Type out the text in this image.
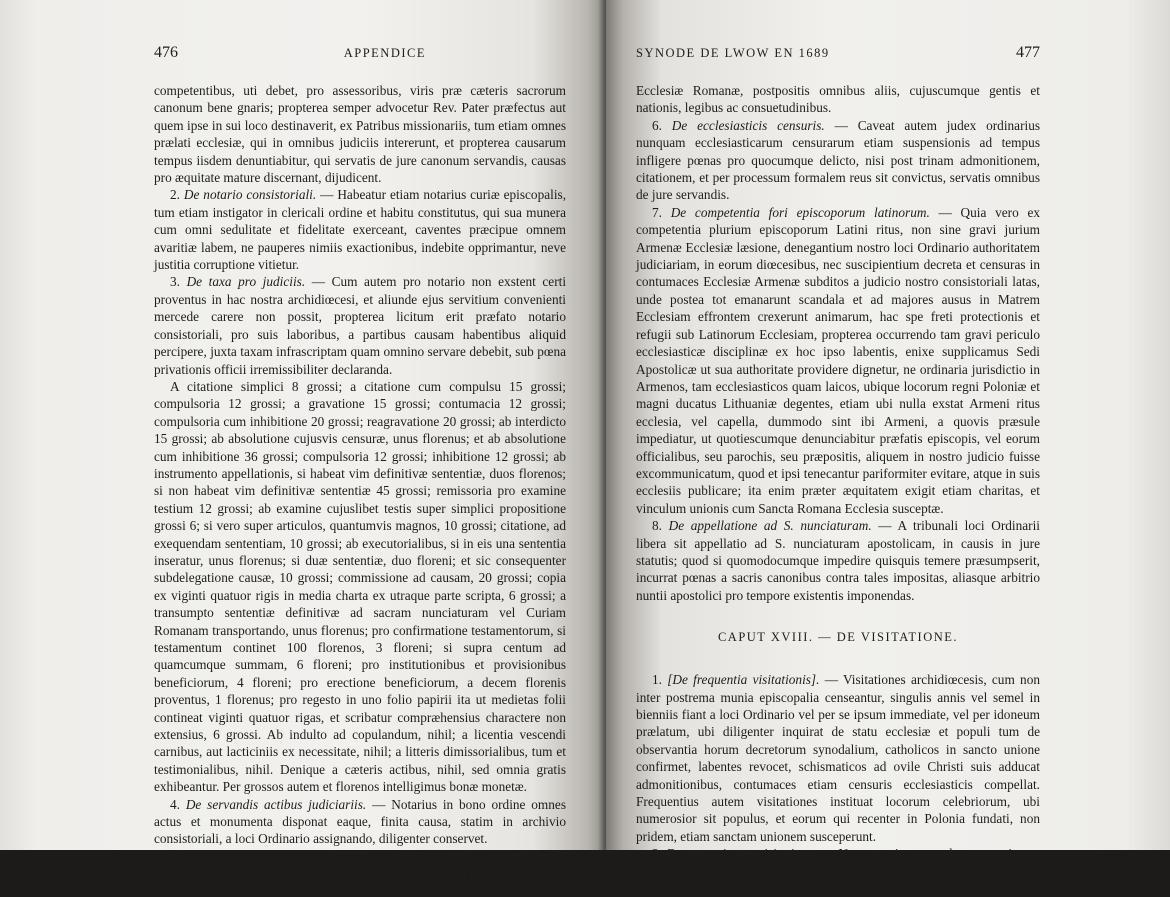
476	APPENDICE

competentibus, uti debet, pro assessoribus, viris præ cæteris sacrorum canonum bene gnaris; propterea semper advocetur Rev. Pater præfectus aut quem ipse in sui loco destinaverit, ex Patribus missionariis, tum etiam omnes prælati ecclesiæ, qui in omnibus judiciis intererunt, et propterea causarum tempus iisdem denuntiabitur, qui servatis de jure canonum servandis, causas pro æquitate mature discernant, dijudicent.

2. De notario consistoriali. — Habeatur etiam notarius curiæ episcopalis, tum etiam instigator in clericali ordine et habitu constitutus, qui sua munera cum omni sedulitate et fidelitate exerceant, caventes præcipue omnem avaritiæ labem, ne pauperes nimiis exactionibus, indebite opprimantur, neve justitia corruptione vitietur.

3. De taxa pro judiciis. — Cum autem pro notario non exstent certi proventus in hac nostra archidiœcesi, et aliunde ejus servitium convenienti mercede carere non possit, propterea licitum erit præfato notario consistoriali, pro suis laboribus, a partibus causam habentibus aliquid percipere, juxta taxam infrascriptam quam omnino servare debebit, sub pœna privationis officii irremissibiliter declaranda.

A citatione simplici 8 grossi; a citatione cum compulsu 15 grossi; compulsoria 12 grossi; a gravatione 15 grossi; contumacia 12 grossi; compulsoria cum inhibitione 20 grossi; reagravatione 20 grossi; ab interdicto 15 grossi; ab absolutione cujusvis censuræ, unus florenus; et ab absolutione cum inhibitione 36 grossi; compulsoria 12 grossi; inhibitione 12 grossi; ab instrumento appellationis, si habeat vim definitivæ sententiæ, duos florenos; si non habeat vim definitivæ sententiæ 45 grossi; remissoria pro examine testium 12 grossi; ab examine cujuslibet testis super simplici propositione grossi 6; si vero super articulos, quantumvis magnos, 10 grossi; citatione, ad exequendam sententiam, 10 grossi; ab executorialibus, si in eis una sententia inseratur, unus florenus; si duæ sententiæ, duo floreni; et sic consequenter subdelegatione causæ, 10 grossi; commissione ad causam, 20 grossi; copia ex viginti quatuor rigis in media charta ex utraque parte scripta, 6 grossi; a transumpto sententiæ definitivæ ad sacram nunciaturam vel Curiam Romanam transportando, unus florenus; pro confirmatione testamentorum, si testamentum continet 100 florenos, 3 floreni; si supra centum ad quamcumque summam, 6 floreni; pro institutionibus et provisionibus beneficiorum, 4 floreni; pro erectione beneficiorum, a decem florenis proventus, 1 florenus; pro regesto in uno folio papirii ita ut medietas folii contineat viginti quatuor rigas, et scribatur compræhensius charactere non extensius, 6 grossi. Ab indulto ad copulandum, nihil; a licentia vescendi carnibus, aut lacticiniis ex necessitate, nihil; a litteris dimissorialibus, tum et testimonialibus, nihil. Denique a cæteris actibus, nihil, sed omnia gratis exhibeantur. Per grossos autem et florenos intelligimus bonæ monetæ.

4. De servandis actibus judiciariis. — Notarius in bono ordine omnes actus et monumenta disponat eaque, finita causa, statim in archivio consistoriali, a loci Ordinario assignando, diligenter conservet.

5. De servando jure communi. — In sententiis ferendis loci Ordinarius, tum et assessores in suis notis se conforment juri communi et statutis

SYNODE DE LWOW EN 1689	477

Ecclesiæ Romanæ, postpositis omnibus aliis, cujuscumque gentis et nationis, legibus ac consuetudinibus.

6. De ecclesiasticis censuris. — Caveat autem judex ordinarius nunquam ecclesiasticarum censurarum etiam suspensionis ad tempus infligere pœnas pro quocumque delicto, nisi post trinam admonitionem, citationem, et per processum formalem reus sit convictus, servatis omnibus de jure servandis.

7. De competentia fori episcoporum latinorum. — Quia vero ex competentia plurium episcoporum Latini ritus, non sine gravi jurium Armenæ Ecclesiæ læsione, denegantium nostro loci Ordinario authoritatem judiciariam, in eorum diœcesibus, nec suscipientium decreta et censuras in contumaces Ecclesiæ Armenæ subditos a judicio nostro consistoriali latas, unde postea tot emanarunt scandala et ad majores ausus in Matrem Ecclesiam effrontem crexerunt animarum, hac spe freti protectionis et refugii sub Latinorum Ecclesiam, propterea occurrendo tam gravi periculo ecclesiasticæ disciplinæ ex hoc ipso labentis, enixe supplicamus Sedi Apostolicæ ut sua authoritate providere dignetur, ne ordinaria jurisdictio in Armenos, tam ecclesiasticos quam laicos, ubique locorum regni Poloniæ et magni ducatus Lithuaniæ degentes, etiam ubi nulla exstat Armeni ritus ecclesia, vel capella, dummodo sint ibi Armeni, a quovis præsule impediatur, ut quotiescumque denunciabitur præfatis episcopis, vel eorum officialibus, seu parochis, seu præpositis, aliquem in nostro judicio fuisse excommunicatum, quod et ipsi tenecantur pariformiter evitare, atque in suis ecclesiis publicare; ita enim præter æquitatem exigit etiam charitas, et vinculum unionis cum Sancta Romana Ecclesia susceptæ.

8. De appellatione ad S. nunciaturam. — A tribunali loci Ordinarii libera sit appellatio ad S. nunciaturam apostolicam, in causis in jure statutis; quod si quomodocumque impedire quisquis temere præsumpserit, incurrat pœnas a sacris canonibus contra tales impositas, aliasque arbitrio nuntii apostolici pro tempore existentis imponendas.

CAPUT XVIII. — DE VISITATIONE.

1. [De frequentia visitationis]. — Visitationes archidiœcesis, cum non inter postrema munia episcopalia censeantur, singulis annis vel semel in bienniis fiant a loci Ordinario vel per se ipsum immediate, vel per idoneum prælatum, ubi diligenter inquirat de statu ecclesiæ et populi tum de observantia horum decretorum synodalium, catholicos in sancto unione confirmet, labentes revocet, schismaticos ad ovile Christi suis adducat admonitionibus, contumaces etiam censuris ecclesiasticis compellat. Frequentius autem visitationes instituat locorum celebriorum, ubi numerosior sit populus, et eorum qui recenter in Polonia fundati, non pridem, etiam sanctam unionem susceperunt.

2. De expensis pro visitatione. — Ne autem in erogando necessaria pro expensis visitationis populi nimis graventur, habeat visitator, si fuerit ipsemet Rev.mus D.nus archiepiscopus, duos tantum famulos, aliosque
